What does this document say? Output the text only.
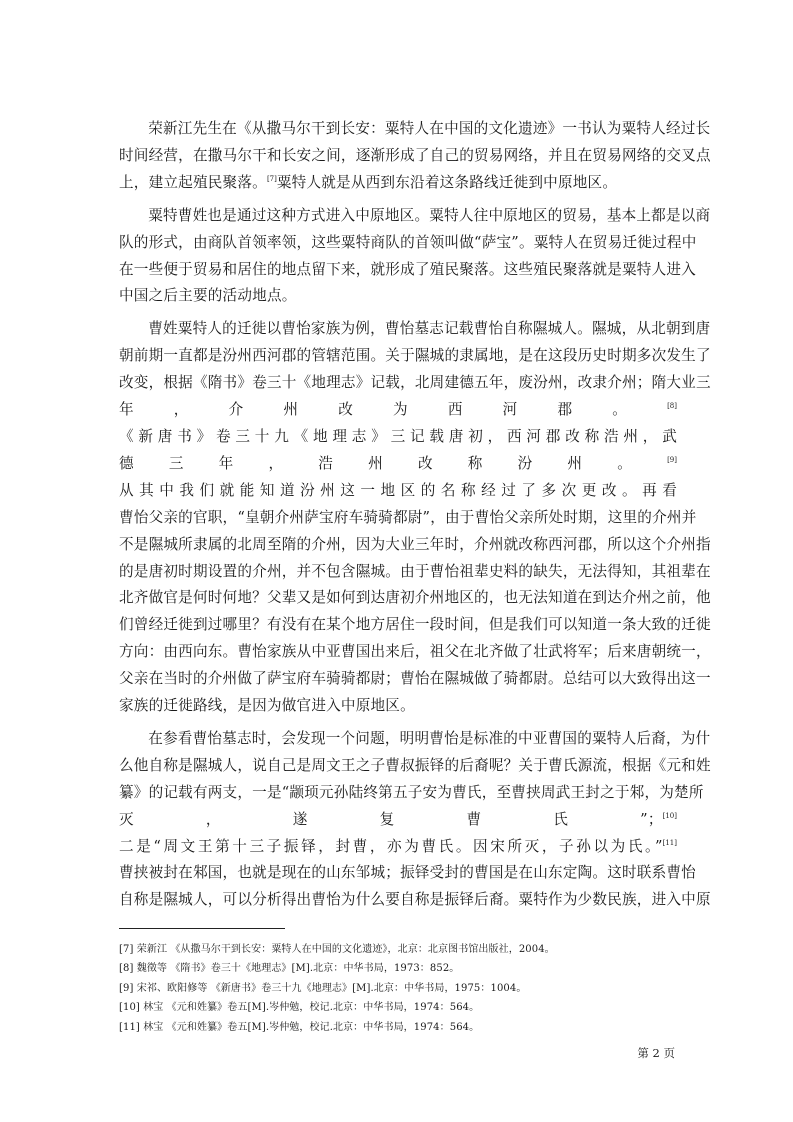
荣新江先生在《从撒马尔干到长安：粟特人在中国的文化遗迹》一书认为粟特人经过长时间经营，在撒马尔干和长安之间，逐渐形成了自己的贸易网络，并且在贸易网络的交叉点上，建立起殖民聚落。[7]粟特人就是从西到东沿着这条路线迁徙到中原地区。

粟特曹姓也是通过这种方式进入中原地区。粟特人往中原地区的贸易，基本上都是以商队的形式，由商队首领率领，这些粟特商队的首领叫做“萨宝”。粟特人在贸易迁徙过程中在一些便于贸易和居住的地点留下来，就形成了殖民聚落。这些殖民聚落就是粟特人进入中国之后主要的活动地点。

曹姓粟特人的迁徙以曹怡家族为例，曹怡墓志记载曹怡自称隰城人。隰城，从北朝到唐朝前期一直都是汾州西河郡的管辖范围。关于隰城的隶属地，是在这段历史时期多次发生了改变，根据《隋书》卷三十《地理志》记载，北周建德五年，废汾州，改隶介州；隋大业三年，介州改为西河郡。[8]《新唐书》卷三十九《地理志》三记载唐初，西河郡改称浩州，武德三年，浩州改称汾州。[9]从其中我们就能知道汾州这一地区的名称经过了多次更改。再看曹怡父亲的官职，“皇朝介州萨宝府车骑骑都尉”，由于曹怡父亲所处时期，这里的介州并不是隰城所隶属的北周至隋的介州，因为大业三年时，介州就改称西河郡，所以这个介州指的是唐初时期设置的介州，并不包含隰城。由于曹怡祖辈史料的缺失，无法得知，其祖辈在北齐做官是何时何地？父辈又是如何到达唐初介州地区的，也无法知道在到达介州之前，他们曾经迁徙到过哪里？有没有在某个地方居住一段时间，但是我们可以知道一条大致的迁徙方向：由西向东。曹怡家族从中亚曹国出来后，祖父在北齐做了壮武将军；后来唐朝统一，父亲在当时的介州做了萨宝府车骑骑都尉；曹怡在隰城做了骑都尉。总结可以大致得出这一家族的迁徙路线，是因为做官进入中原地区。

在参看曹怡墓志时，会发现一个问题，明明曹怡是标准的中亚曹国的粟特人后裔，为什么他自称是隰城人，说自己是周文王之子曹叔振铎的后裔呢？关于曹氏源流，根据《元和姓纂》的记载有两支，一是“颛顼元孙陆终第五子安为曹氏，至曹挟周武王封之于邾，为楚所灭，遂复曹氏”；[10]二是“周文王第十三子振铎，封曹，亦为曹氏。因宋所灭，子孙以为氏。”[11]曹挟被封在邾国，也就是现在的山东邹城；振铎受封的曹国是在山东定陶。这时联系曹怡自称是隰城人，可以分析得出曹怡为什么要自称是振铎后裔。粟特作为少数民族，进入中原

[7] 荣新江 《从撒马尔干到长安：粟特人在中国的文化遗迹》，北京：北京图书馆出版社，2004。
[8] 魏徵等 《隋书》卷三十《地理志》[M].北京：中华书局，1973：852。
[9] 宋祁、欧阳修等 《新唐书》卷三十九《地理志》[M].北京：中华书局，1975：1004。
[10] 林宝 《元和姓纂》卷五[M].岑仲勉，校记.北京：中华书局，1974：564。
[11] 林宝 《元和姓纂》卷五[M].岑仲勉，校记.北京：中华书局，1974：564。
第 2 页
